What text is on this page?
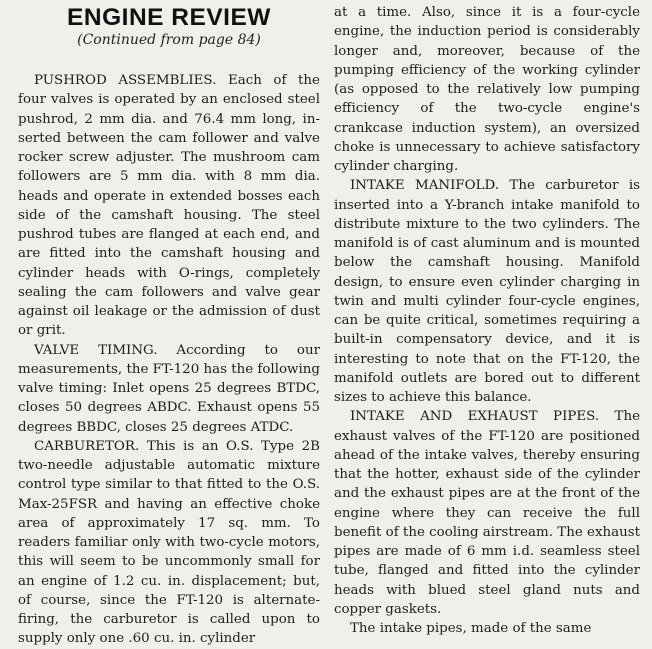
ENGINE REVIEW
(Continued from page 84)

PUSHROD ASSEMBLIES. Each of the four valves is operated by an enclosed steel pushrod, 2 mm dia. and 76.4 mm long, inserted between the cam follower and valve rocker screw adjuster. The mushroom cam followers are 5 mm dia. with 8 mm dia. heads and operate in extended bosses each side of the camshaft housing. The steel pushrod tubes are flanged at each end, and are fitted into the camshaft housing and cylinder heads with O-rings, completely sealing the cam followers and valve gear against oil leakage or the admission of dust or grit.

VALVE TIMING. According to our measurements, the FT-120 has the following valve timing: Inlet opens 25 degrees BTDC, closes 50 degrees ABDC. Exhaust opens 55 degrees BBDC, closes 25 degrees ATDC.

CARBURETOR. This is an O.S. Type 2B two-needle adjustable automatic mixture control type similar to that fitted to the O.S. Max-25FSR and having an effective choke area of approximately 17 sq. mm. To readers familiar only with two-cycle motors, this will seem to be uncommonly small for an engine of 1.2 cu. in. displacement; but, of course, since the FT-120 is alternate-firing, the carburetor is called upon to supply only one .60 cu. in. cylinder

at a time. Also, since it is a four-cycle engine, the induction period is considerably longer and, moreover, because of the pumping efficiency of the working cylinder (as opposed to the relatively low pumping efficiency of the two-cycle engine's crankcase induction system), an oversized choke is unnecessary to achieve satisfactory cylinder charging.

INTAKE MANIFOLD. The carburetor is inserted into a Y-branch intake manifold to distribute mixture to the two cylinders. The manifold is of cast aluminum and is mounted below the camshaft housing. Manifold design, to ensure even cylinder charging in twin and multi cylinder four-cycle engines, can be quite critical, sometimes requiring a built-in compensatory device, and it is interesting to note that on the FT-120, the manifold outlets are bored out to different sizes to achieve this balance.

INTAKE AND EXHAUST PIPES. The exhaust valves of the FT-120 are positioned ahead of the intake valves, thereby ensuring that the hotter, exhaust side of the cylinder and the exhaust pipes are at the front of the engine where they can receive the full benefit of the cooling airstream. The exhaust pipes are made of 6 mm i.d. seamless steel tube, flanged and fitted into the cylinder heads with blued steel gland nuts and copper gaskets.

The intake pipes, made of the same
